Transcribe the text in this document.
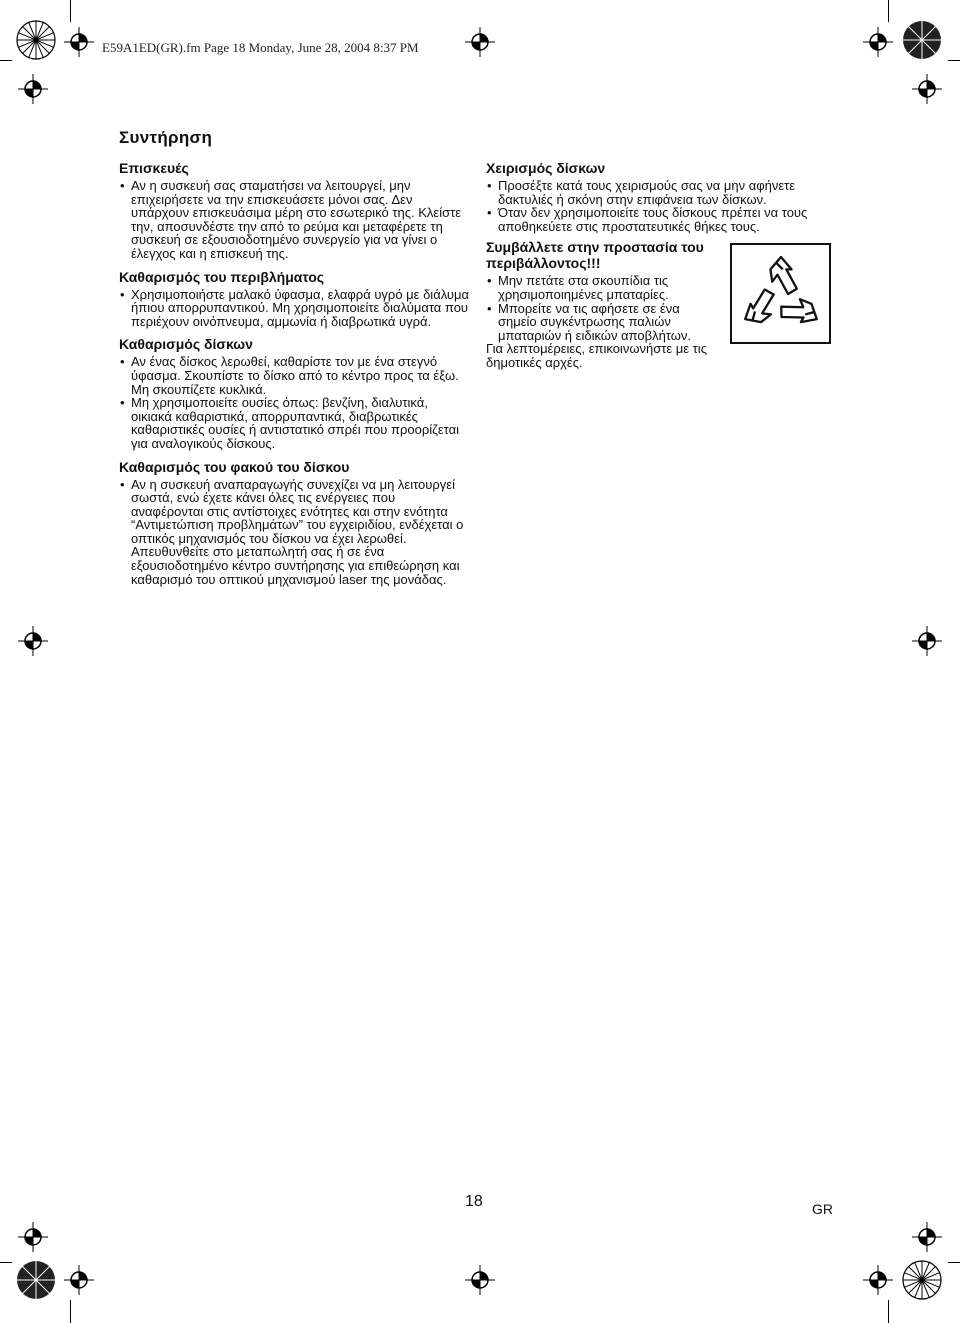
E59A1ED(GR).fm Page 18 Monday, June 28, 2004 8:37 PM
Συντήρηση
Επισκευές
• Αν η συσκευή σας σταματήσει να λειτουργεί, μην επιχειρήσετε να την επισκευάσετε μόνοι σας. Δεν υπάρχουν επισκευάσιμα μέρη στο εσωτερικό της. Κλείστε την, αποσυνδέστε την από το ρεύμα και μεταφέρετε τη συσκευή σε εξουσιοδοτημένο συνεργείο για να γίνει ο έλεγχος και η επισκευή της.
Καθαρισμός του περιβλήματος
• Χρησιμοποιήστε μαλακό ύφασμα, ελαφρά υγρό με διάλυμα ήπιου απορρυπαντικού. Μη χρησιμοποιείτε διαλύματα που περιέχουν οινόπνευμα, αμμωνία ή διαβρωτικά υγρά.
Καθαρισμός δίσκων
• Αν ένας δίσκος λερωθεί, καθαρίστε τον με ένα στεγνό ύφασμα. Σκουπίστε το δίσκο από το κέντρο προς τα έξω. Μη σκουπίζετε κυκλικά.
• Μη χρησιμοποιείτε ουσίες όπως: βενζίνη, διαλυτικά, οικιακά καθαριστικά, απορρυπαντικά, διαβρωτικές καθαριστικές ουσίες ή αντιστατικό σπρέι που προορίζεται για αναλογικούς δίσκους.
Καθαρισμός του φακού του δίσκου
• Αν η συσκευή αναπαραγωγής συνεχίζει να μη λειτουργεί σωστά, ενώ έχετε κάνει όλες τις ενέργειες που αναφέρονται στις αντίστοιχες ενότητες και στην ενότητα “Αντιμετώπιση προβλημάτων” του εγχειριδίου, ενδέχεται ο οπτικός μηχανισμός του δίσκου να έχει λερωθεί. Απευθυνθείτε στο μεταπωλητή σας ή σε ένα εξουσιοδοτημένο κέντρο συντήρησης για επιθεώρηση και καθαρισμό του οπτικού μηχανισμού laser της μονάδας.
Χειρισμός δίσκων
• Προσέξτε κατά τους χειρισμούς σας να μην αφήνετε δακτυλιές ή σκόνη στην επιφάνεια των δίσκων.
• Όταν δεν χρησιμοποιείτε τους δίσκους πρέπει να τους αποθηκεύετε στις προστατευτικές θήκες τους.
Συμβάλλετε στην προστασία του περιβάλλοντος!!!
• Μην πετάτε στα σκουπίδια τις χρησιμοποιημένες μπαταρίες.
• Μπορείτε να τις αφήσετε σε ένα σημείο συγκέντρωσης παλιών μπαταριών ή ειδικών αποβλήτων.
Για λεπτομέρειες, επικοινωνήστε με τις δημοτικές αρχές.
18	GR
